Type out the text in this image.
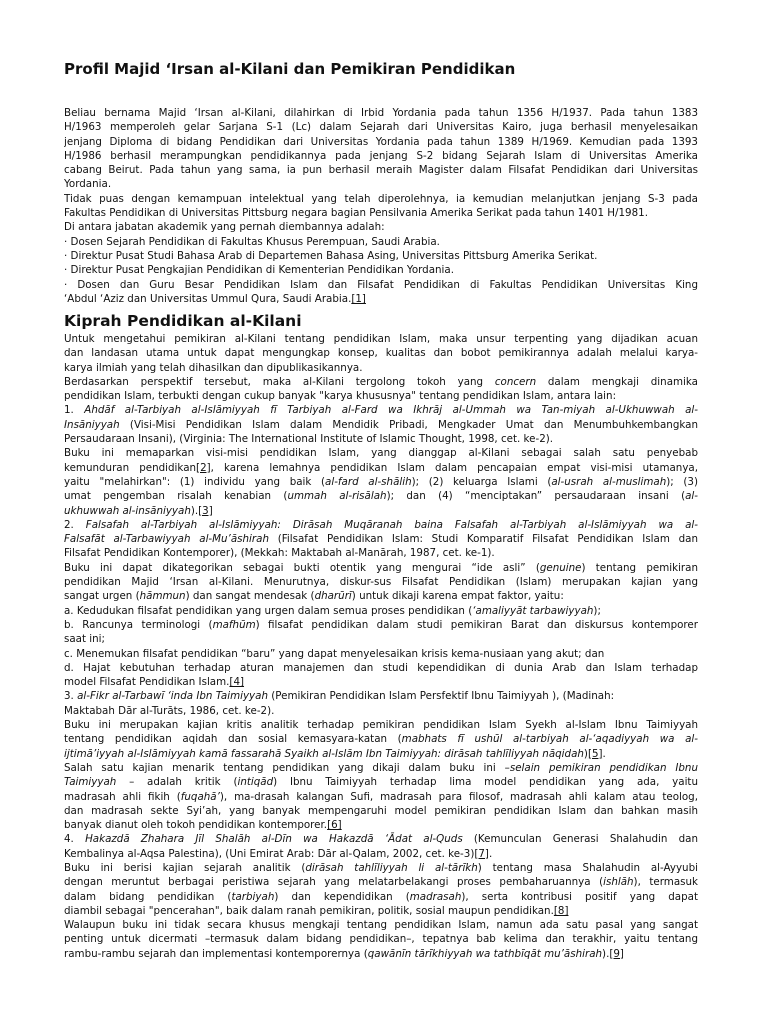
Profil Majid ‘Irsan al-Kilani dan Pemikiran Pendidikan
Beliau bernama Majid ‘Irsan al-Kilani, dilahirkan di Irbid Yordania pada tahun 1356 H/1937. Pada tahun 1383
H/1963 memperoleh gelar Sarjana S-1 (Lc) dalam Sejarah dari Universitas Kairo, juga berhasil menyelesaikan
jenjang Diploma di bidang Pendidikan dari Universitas Yordania pada tahun 1389 H/1969. Kemudian pada 1393
H/1986 berhasil merampungkan pendidikannya pada jenjang S-2 bidang Sejarah Islam di Universitas Amerika
cabang Beirut. Pada tahun yang sama, ia pun berhasil meraih Magister dalam Filsafat Pendidikan dari Universitas
Yordania.
Tidak puas dengan kemampuan intelektual yang telah diperolehnya, ia kemudian melanjutkan jenjang S-3 pada
Fakultas Pendidikan di Universitas Pittsburg negara bagian Pensilvania Amerika Serikat pada tahun 1401 H/1981.
Di antara jabatan akademik yang pernah diembannya adalah:
· Dosen Sejarah Pendidikan di Fakultas Khusus Perempuan, Saudi Arabia.
· Direktur Pusat Studi Bahasa Arab di Departemen Bahasa Asing, Universitas Pittsburg Amerika Serikat.
· Direktur Pusat Pengkajian Pendidikan di Kementerian Pendidikan Yordania.
· Dosen dan Guru Besar Pendidikan Islam dan Filsafat Pendidikan di Fakultas Pendidikan Universitas King
‘Abdul ‘Aziz dan Universitas Ummul Qura, Saudi Arabia.[1]
Kiprah Pendidikan al-Kilani
Untuk mengetahui pemikiran al-Kilani tentang pendidikan Islam, maka unsur terpenting yang dijadikan acuan
dan landasan utama untuk dapat mengungkap konsep, kualitas dan bobot pemikirannya adalah melalui karya-
karya ilmiah yang telah dihasilkan dan dipublikasikannya.
Berdasarkan perspektif tersebut, maka al-Kilani tergolong tokoh yang concern dalam mengkaji dinamika
pendidikan Islam, terbukti dengan cukup banyak "karya khususnya" tentang pendidikan Islam, antara lain:
1. Ahdāf al-Tarbiyah al-Islāmiyyah fī Tarbiyah al-Fard wa Ikhrāj al-Ummah wa Tan-miyah al-Ukhuwwah al-
Insāniyyah (Visi-Misi Pendidikan Islam dalam Mendidik Pribadi, Mengkader Umat dan Menumbuhkembangkan
Persaudaraan Insani), (Virginia: The International Institute of Islamic Thought, 1998, cet. ke-2).
Buku ini memaparkan visi-misi pendidikan Islam, yang dianggap al-Kilani sebagai salah satu penyebab
kemunduran pendidikan[2], karena lemahnya pendidikan Islam dalam pencapaian empat visi-misi utamanya,
yaitu "melahirkan": (1) individu yang baik (al-fard al-shālih); (2) keluarga Islami (al-usrah al-muslimah); (3)
umat pengemban risalah kenabian (ummah al-risālah); dan (4) “menciptakan” persaudaraan insani (al-
ukhuwwah al-insāniyyah).[3]
2. Falsafah al-Tarbiyah al-Islāmiyyah: Dirāsah Muqāranah baina Falsafah al-Tarbiyah al-Islāmiyyah wa al-
Falsafāt al-Tarbawiyyah al-Mu’āshirah (Filsafat Pendidikan Islam: Studi Komparatif Filsafat Pendidikan Islam dan
Filsafat Pendidikan Kontemporer), (Mekkah: Maktabah al-Manārah, 1987, cet. ke-1).
Buku ini dapat dikategorikan sebagai bukti otentik yang mengurai “ide asli” (genuine) tentang pemikiran
pendidikan Majid ‘Irsan al-Kilani. Menurutnya, diskur-sus Filsafat Pendidikan (Islam) merupakan kajian yang
sangat urgen (hāmmun) dan sangat mendesak (dharūrī) untuk dikaji karena empat faktor, yaitu:
a. Kedudukan filsafat pendidikan yang urgen dalam semua proses pendidikan (‘amaliyyāt tarbawiyyah);
b. Rancunya terminologi (mafhūm) filsafat pendidikan dalam studi pemikiran Barat dan diskursus kontemporer
saat ini;
c. Menemukan filsafat pendidikan “baru” yang dapat menyelesaikan krisis kema-nusiaan yang akut; dan
d. Hajat kebutuhan terhadap aturan manajemen dan studi kependidikan di dunia Arab dan Islam terhadap
model Filsafat Pendidikan Islam.[4]
3. al-Fikr al-Tarbawī ‘inda Ibn Taimiyyah (Pemikiran Pendidikan Islam Persfektif Ibnu Taimiyyah ), (Madinah:
Maktabah Dār al-Turāts, 1986, cet. ke-2).
Buku ini merupakan kajian kritis analitik terhadap pemikiran pendidikan Islam Syekh al-Islam Ibnu Taimiyyah
tentang pendidikan aqidah dan sosial kemasyara-katan (mabhats fī ushūl al-tarbiyah al-‘aqadiyyah wa al-
ijtimā’iyyah al-Islāmiyyah kamā fassarahā Syaikh al-Islām Ibn Taimiyyah: dirāsah tahlīliyyah nāqidah)[5].
Salah satu kajian menarik tentang pendidikan yang dikaji dalam buku ini –selain pemikiran pendidikan Ibnu
Taimiyyah – adalah kritik (intiqād) Ibnu Taimiyyah terhadap lima model pendidikan yang ada, yaitu
madrasah ahli fikih (fuqahā’), ma-drasah kalangan Sufi, madrasah para filosof, madrasah ahli kalam atau teolog,
dan madrasah sekte Syi’ah, yang banyak mempengaruhi model pemikiran pendidikan Islam dan bahkan masih
banyak dianut oleh tokoh pendidikan kontemporer.[6]
4. Hakazdā Zhahara Jīl Shalāh al-Dīn wa Hakazdā ‘Ādat al-Quds (Kemunculan Generasi Shalahudin dan
Kembalinya al-Aqsa Palestina), (Uni Emirat Arab: Dār al-Qalam, 2002, cet. ke-3)[7].
Buku ini berisi kajian sejarah analitik (dirāsah tahlīliyyah li al-tārīkh) tentang masa Shalahudin al-Ayyubi
dengan meruntut berbagai peristiwa sejarah yang melatarbelakangi proses pembaharuannya (ishlāh), termasuk
dalam bidang pendidikan (tarbiyah) dan kependidikan (madrasah), serta kontribusi positif yang dapat
diambil sebagai "pencerahan", baik dalam ranah pemikiran, politik, sosial maupun pendidikan.[8]
Walaupun buku ini tidak secara khusus mengkaji tentang pendidikan Islam, namun ada satu pasal yang sangat
penting untuk dicermati –termasuk dalam bidang pendidikan–, tepatnya bab kelima dan terakhir, yaitu tentang
rambu-rambu sejarah dan implementasi kontemporernya (qawānīn tārīkhiyyah wa tathbīqāt mu’āshirah).[9]
